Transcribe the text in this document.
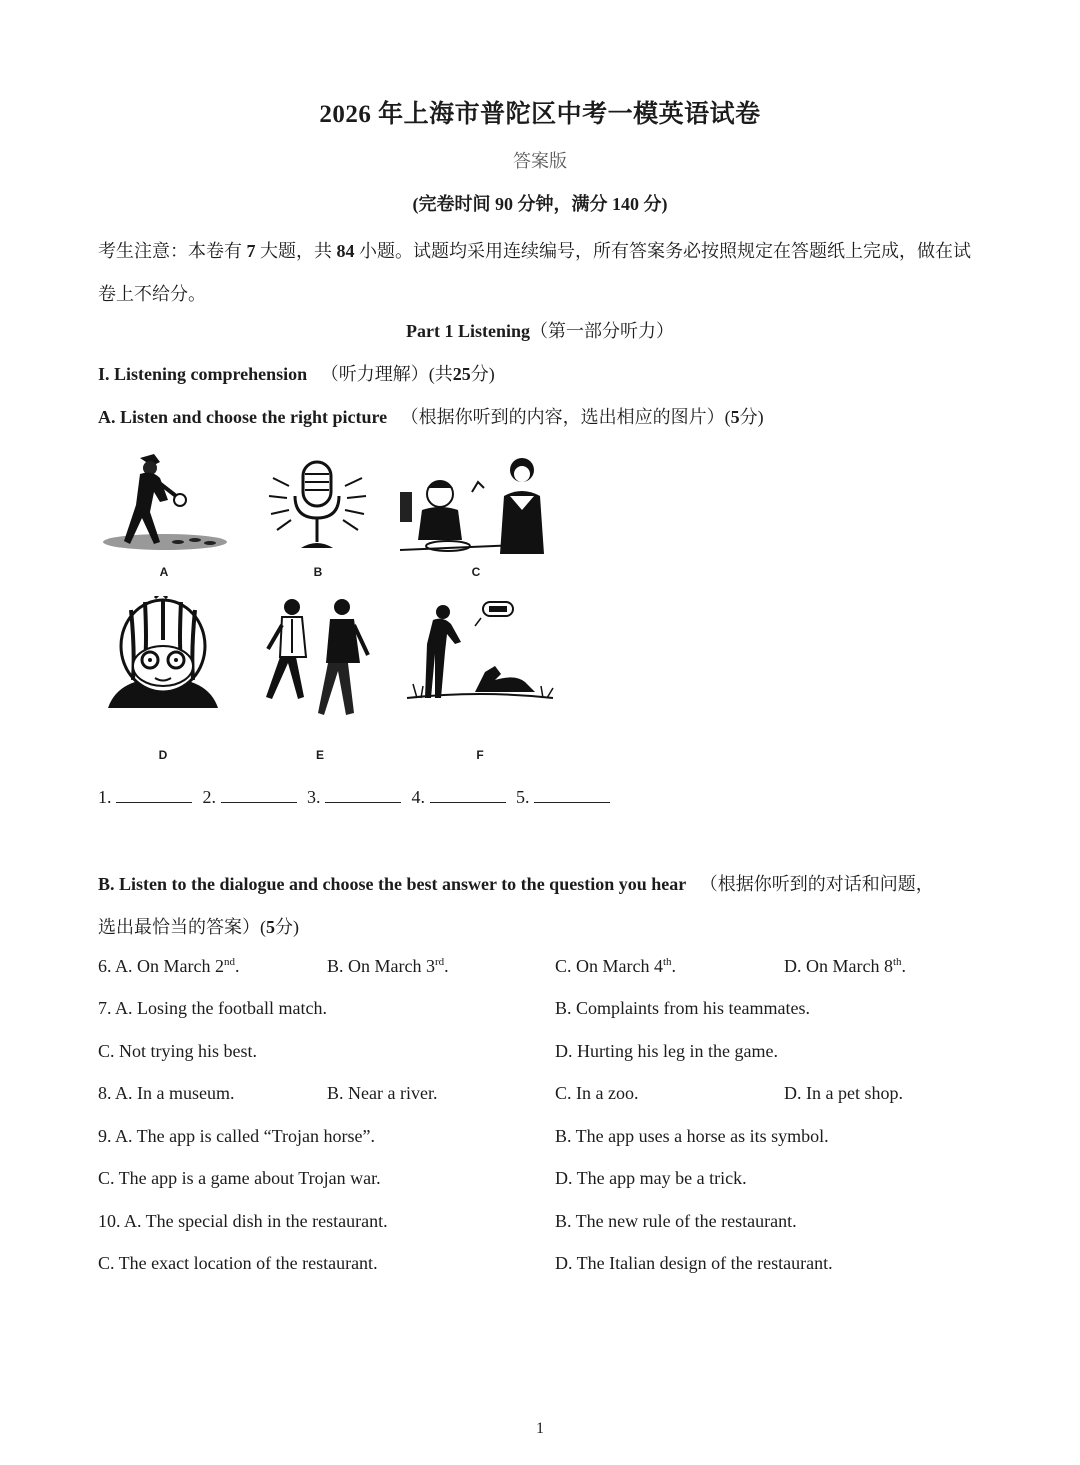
2026 年上海市普陀区中考一模英语试卷
答案版
(完卷时间 90 分钟，满分 140 分)
考生注意：本卷有 7 大题，共 84 小题。试题均采用连续编号，所有答案务必按照规定在答题纸上完成，做在试卷上不给分。
Part 1 Listening（第一部分听力）
I. Listening comprehension （听力理解）(共25分)
A. Listen and choose the right picture （根据你听到的内容，选出相应的图片）(5分)
A	B	C
D	E	F
1.	2.	3.	4.	5.
B. Listen to the dialogue and choose the best answer to the question you hear （根据你听到的对话和问题，
选出最恰当的答案）(5分)
6. A. On March 2nd.	B. On March 3rd.	C. On March 4th.	D. On March 8th.
7. A. Losing the football match.	B. Complaints from his teammates.
C. Not trying his best.	D. Hurting his leg in the game.
8. A. In a museum.	B. Near a river.	C. In a zoo.	D. In a pet shop.
9. A. The app is called “Trojan horse”.	B. The app uses a horse as its symbol.
C. The app is a game about Trojan war.	D. The app may be a trick.
10. A. The special dish in the restaurant.	B. The new rule of the restaurant.
C. The exact location of the restaurant.	D. The Italian design of the restaurant.
1
